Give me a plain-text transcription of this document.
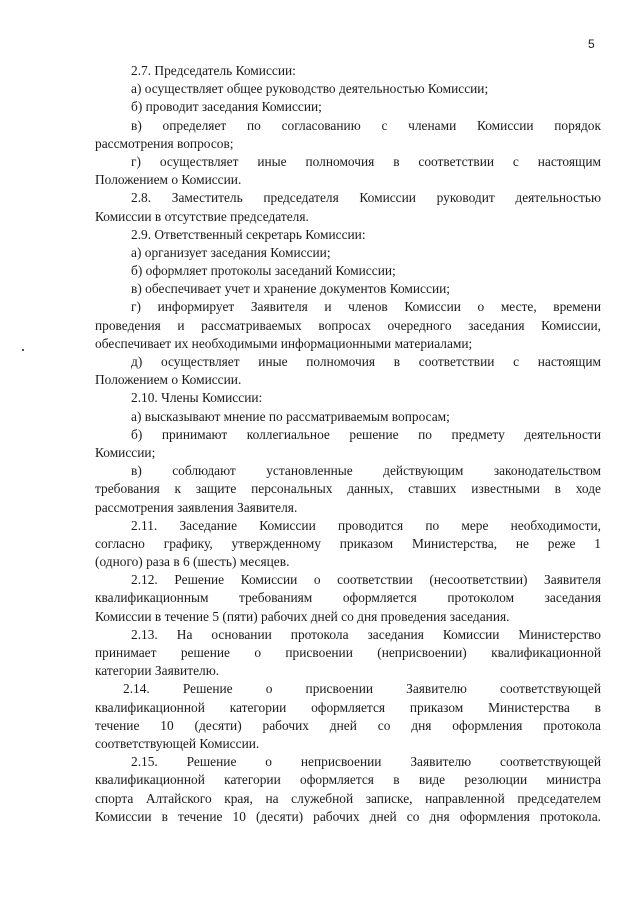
5
2.7. Председатель Комиссии:
а) осуществляет общее руководство деятельностью Комиссии;
б) проводит заседания Комиссии;
в) определяет по согласованию с членами Комиссии порядок
рассмотрения вопросов;
г) осуществляет иные полномочия в соответствии с настоящим
Положением о Комиссии.
2.8. Заместитель председателя Комиссии руководит деятельностью
Комиссии в отсутствие председателя.
2.9. Ответственный секретарь Комиссии:
а) организует заседания Комиссии;
б) оформляет протоколы заседаний Комиссии;
в) обеспечивает учет и хранение документов Комиссии;
г) информирует Заявителя и членов Комиссии о месте, времени
проведения и рассматриваемых вопросах очередного заседания Комиссии,
обеспечивает их необходимыми информационными материалами;
д) осуществляет иные полномочия в соответствии с настоящим
Положением о Комиссии.
2.10. Члены Комиссии:
а) высказывают мнение по рассматриваемым вопросам;
б) принимают коллегиальное решение по предмету деятельности
Комиссии;
в) соблюдают установленные действующим законодательством
требования к защите персональных данных, ставших известными в ходе
рассмотрения заявления Заявителя.
2.11. Заседание Комиссии проводится по мере необходимости,
согласно графику, утвержденному приказом Министерства, не реже 1
(одного) раза в 6 (шесть) месяцев.
2.12. Решение Комиссии о соответствии (несоответствии) Заявителя
квалификационным требованиям оформляется протоколом заседания
Комиссии в течение 5 (пяти) рабочих дней со дня проведения заседания.
2.13. На основании протокола заседания Комиссии Министерство
принимает решение о присвоении (неприсвоении) квалификационной
категории Заявителю.
2.14. Решение о присвоении Заявителю соответствующей
квалификационной категории оформляется приказом Министерства в
течение 10 (десяти) рабочих дней со дня оформления протокола
соответствующей Комиссии.
2.15. Решение о неприсвоении Заявителю соответствующей
квалификационной категории оформляется в виде резолюции министра
спорта Алтайского края, на служебной записке, направленной председателем
Комиссии в течение 10 (десяти) рабочих дней со дня оформления протокола.
